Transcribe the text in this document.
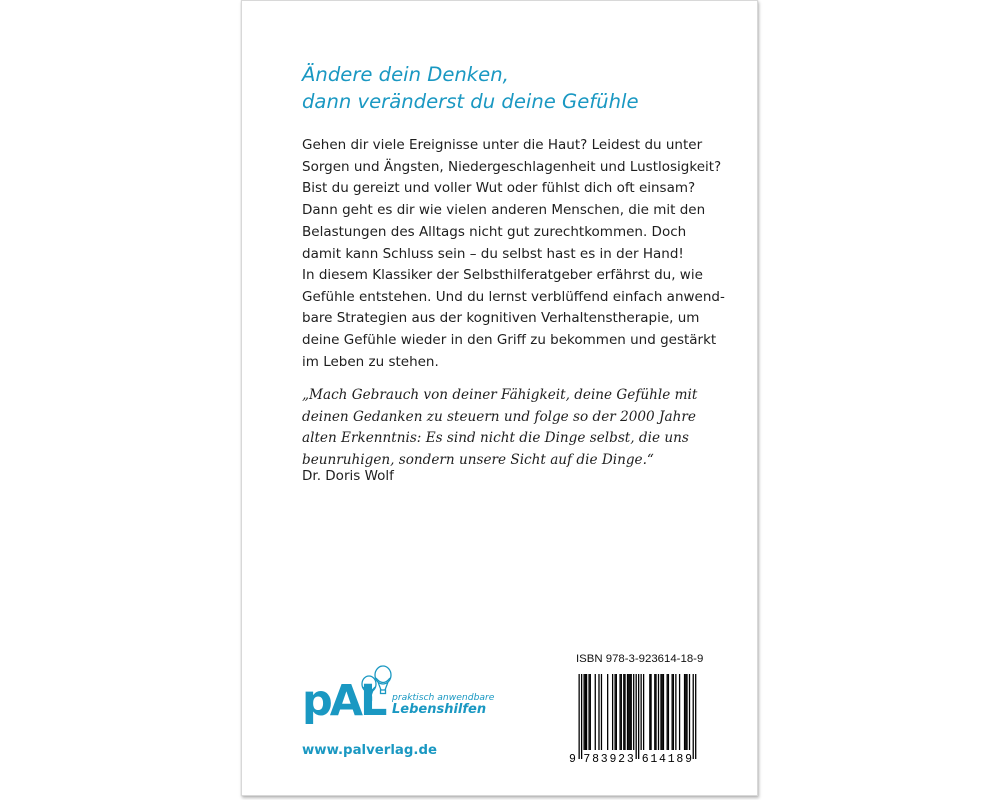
Ändere dein Denken,
dann veränderst du deine Gefühle

Gehen dir viele Ereignisse unter die Haut? Leidest du unter
Sorgen und Ängsten, Niedergeschlagenheit und Lustlosigkeit?
Bist du gereizt und voller Wut oder fühlst dich oft einsam?
Dann geht es dir wie vielen anderen Menschen, die mit den
Belastungen des Alltags nicht gut zurechtkommen. Doch
damit kann Schluss sein – du selbst hast es in der Hand!

In diesem Klassiker der Selbsthilferatgeber erfährst du, wie
Gefühle entstehen. Und du lernst verblüffend einfach anwend-
bare Strategien aus der kognitiven Verhaltenstherapie, um
deine Gefühle wieder in den Griff zu bekommen und gestärkt
im Leben zu stehen.

„Mach Gebrauch von deiner Fähigkeit, deine Gefühle mit
deinen Gedanken zu steuern und folge so der 2000 Jahre
alten Erkenntnis: Es sind nicht die Dinge selbst, die uns
beunruhigen, sondern unsere Sicht auf die Dinge.“

Dr. Doris Wolf

pAL praktisch anwendbare
Lebenshilfen
www.palverlag.de
ISBN 978-3-923614-18-9
9 7 8 3 9 2 3 6 1 4 1 8 9
